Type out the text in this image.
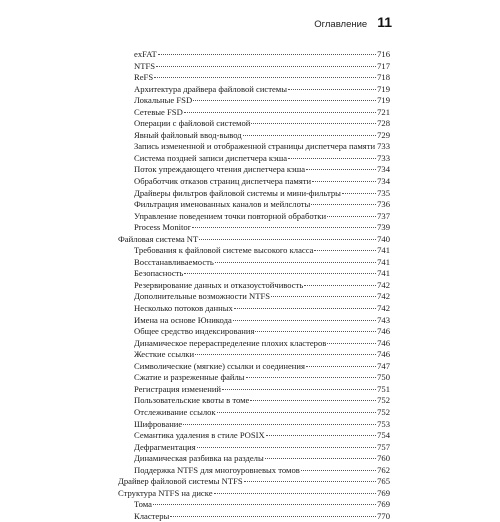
Оглавление 11
exFAT	716
NTFS	717
ReFS	718
Архитектура драйвера файловой системы	719
Локальные FSD	719
Сетевые FSD	721
Операции с файловой системой	728
Явный файловый ввод-вывод	729
Запись измененной и отображенной страницы диспетчера памяти 733
Система поздней записи диспетчера кэша	733
Поток упреждающего чтения диспетчера кэша	734
Обработчик отказов страниц диспетчера памяти	734
Драйверы фильтров файловой системы и мини-фильтры	735
Фильтрация именованных каналов и мейлслоты	736
Управление поведением точки повторной обработки	737
Process Monitor	739
Файловая система NT	740
Требования к файловой системе высокого класса	741
Восстанавливаемость	741
Безопасность	741
Резервирование данных и отказоустойчивость	742
Дополнительные возможности NTFS	742
Несколько потоков данных	742
Имена на основе Юникода	743
Общее средство индексирования	746
Динамическое перераспределение плохих кластеров	746
Жесткие ссылки	746
Символические (мягкие) ссылки и соединения	747
Сжатие и разреженные файлы	750
Регистрация изменений	751
Пользовательские квоты в томе	752
Отслеживание ссылок	752
Шифрование	753
Семантика удаления в стиле POSIX	754
Дефрагментация	757
Динамическая разбивка на разделы	760
Поддержка NTFS для многоуровневых томов	762
Драйвер файловой системы NTFS	765
Структура NTFS на диске	769
Тома	769
Кластеры	770
